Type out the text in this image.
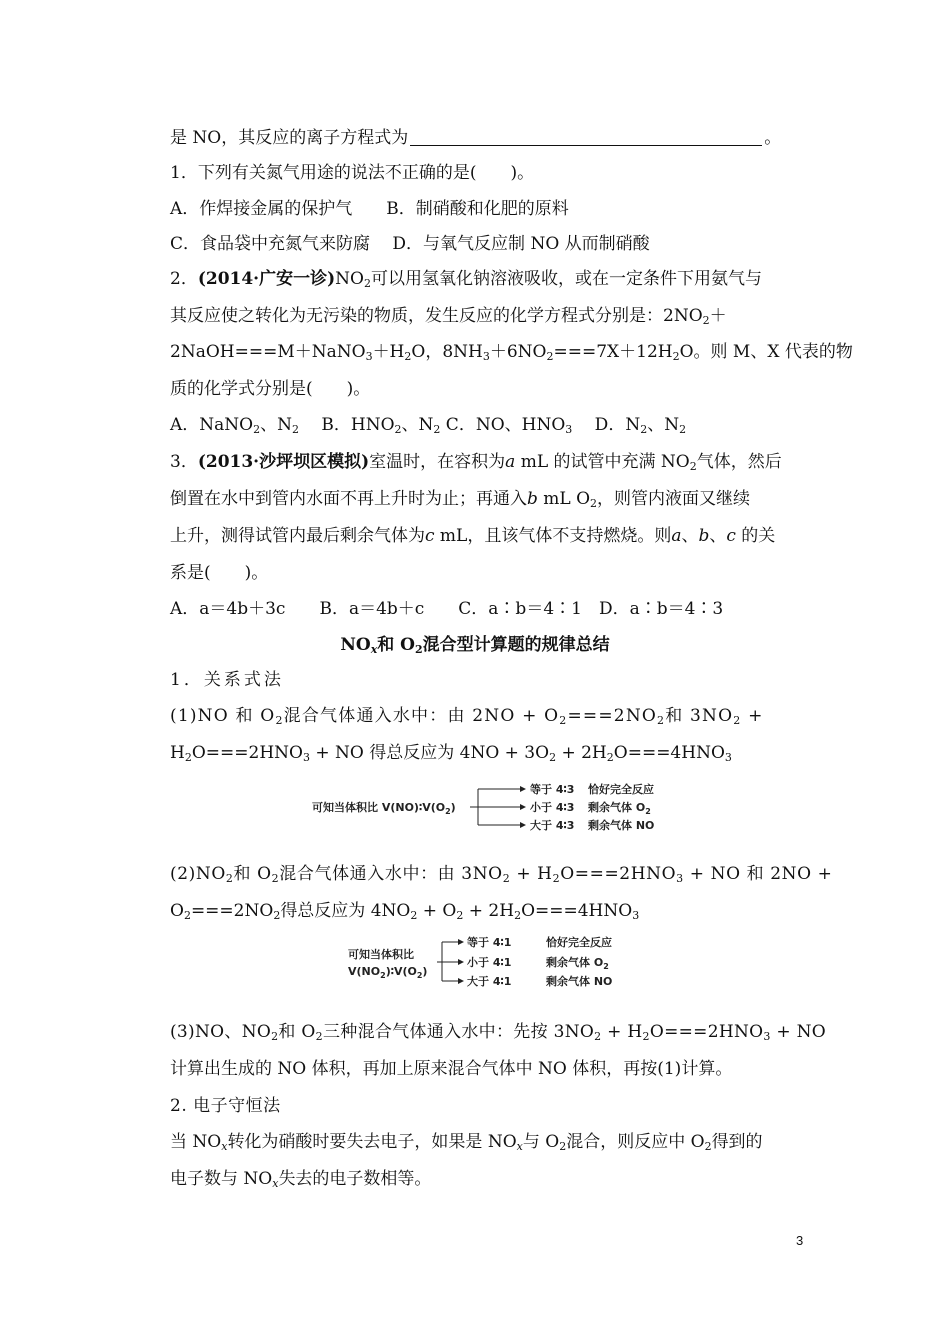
是 NO，其反应的离子方程式为	。
1．下列有关氮气用途的说法不正确的是(　　)。
A．作焊接金属的保护气　　B．制硝酸和化肥的原料
C．食品袋中充氮气来防腐　 D．与氧气反应制 NO 从而制硝酸
2．(2014·广安一诊)$NO_2$可以用氢氧化钠溶液吸收，或在一定条件下用氨气与
其反应使之转化为无污染的物质，发生反应的化学方程式分别是：$2NO_2+$
$2NaOH===M+NaNO_3+H_2O$，$8NH_3+6NO_2===7X+12H_2O$。则 M、X 代表的物
质的化学式分别是(　　)。
A．NaNO$_2$、$N_2$　 B．$HNO_2$、$N_2$ C．NO、$HNO_3$　 D．$N_2$、$N_2$
3．(2013·沙坪坝区模拟)室温时，在容积为a mL 的试管中充满 $NO_2$气体，然后
倒置在水中到管内水面不再上升时为止；再通入b mL $O_2$，则管内液面又继续
上升，测得试管内最后剩余气体为c mL，且该气体不支持燃烧。则a、b、c 的关
系是(　　)。
A．a＝4b＋3c　　B．a＝4b＋c　　C．a∶b＝4∶1　D．a∶b＝4∶3
$NO_x$和 $O_2$混合型计算题的规律总结
1．关系式法
(1)NO 和 $O_2$混合气体通入水中：由 $2NO + O_2===2NO_2$和 $3NO_2$ +
$H_2O===2HNO_3$ + NO 得总反应为 $4NO + 3O_2 + 2H_2O===4HNO_3$
可知当体积比 $V(NO)∶V(O_2)$
等于 4∶3
小于 4∶3
大于 4∶3
恰好完全反应
剩余气体 $O_2$
剩余气体 NO
$(2)NO_2$和 $O_2$混合气体通入水中：由 $3NO_2 + H_2O===2HNO_3$ + NO 和 2NO +
$O_2===2NO_2$得总反应为 $4NO_2 + O_2 + 2H_2O===4HNO_3$
可知当体积比
$V(NO_2)∶V(O_2)$
等于 4∶1
小于 4∶1
大于 4∶1
恰好完全反应
剩余气体 $O_2$
剩余气体 NO
(3)NO、$NO_2$和 $O_2$三种混合气体通入水中：先按 $3NO_2 + H_2O===2HNO_3$ + NO
计算出生成的 NO 体积，再加上原来混合气体中 NO 体积，再按(1)计算。
2. 电子守恒法
当 $NO_x$转化为硝酸时要失去电子，如果是 $NO_x$与 $O_2$混合，则反应中 $O_2$得到的
电子数与 $NO_x$失去的电子数相等。
3
